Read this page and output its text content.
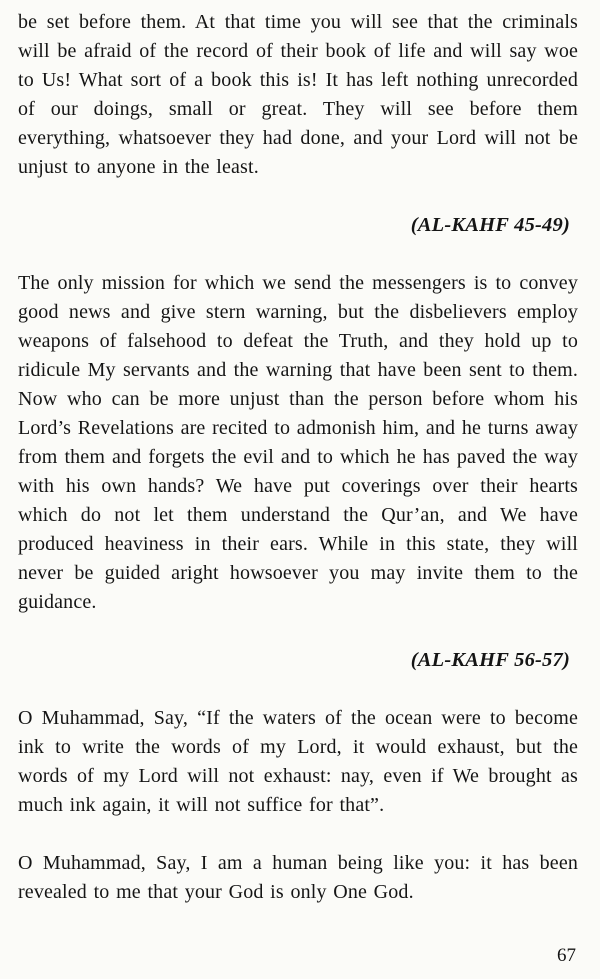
be set before them. At that time you will see that the criminals will be afraid of the record of their book of life and will say woe to Us! What sort of a book this is! It has left nothing unrecorded of our doings, small or great. They will see before them everything, whatsoever they had done, and your Lord will not be unjust to anyone in the least.

(AL-KAHF 45-49)

The only mission for which we send the messengers is to convey good news and give stern warning, but the disbelievers employ weapons of falsehood to defeat the Truth, and they hold up to ridicule My servants and the warning that have been sent to them. Now who can be more unjust than the person before whom his Lord’s Revelations are recited to admonish him, and he turns away from them and forgets the evil and to which he has paved the way with his own hands? We have put coverings over their hearts which do not let them understand the Qur’an, and We have produced heaviness in their ears. While in this state, they will never be guided aright howsoever you may invite them to the guidance.

(AL-KAHF 56-57)

O Muhammad, Say, “If the waters of the ocean were to become ink to write the words of my Lord, it would exhaust, but the words of my Lord will not exhaust: nay, even if We brought as much ink again, it will not suffice for that”.

O Muhammad, Say, I am a human being like you: it has been revealed to me that your God is only One God.

67
